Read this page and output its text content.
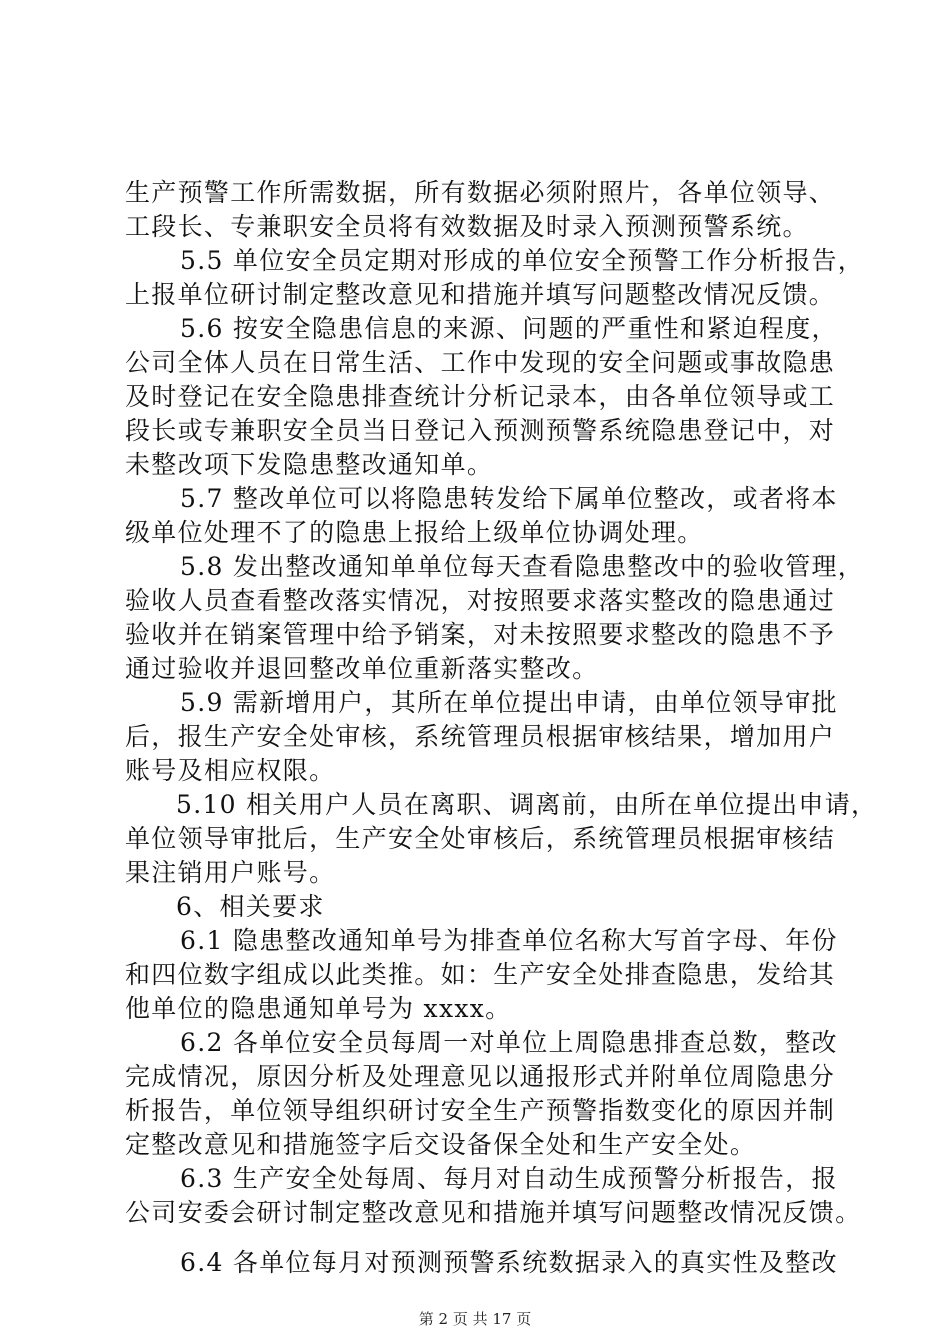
生产预警工作所需数据，所有数据必须附照片，各单位领导、
工段长、专兼职安全员将有效数据及时录入预测预警系统。
5.5 单位安全员定期对形成的单位安全预警工作分析报告，
上报单位研讨制定整改意见和措施并填写问题整改情况反馈。
5.6 按安全隐患信息的来源、问题的严重性和紧迫程度，
公司全体人员在日常生活、工作中发现的安全问题或事故隐患
及时登记在安全隐患排查统计分析记录本，由各单位领导或工
段长或专兼职安全员当日登记入预测预警系统隐患登记中，对
未整改项下发隐患整改通知单。
5.7 整改单位可以将隐患转发给下属单位整改，或者将本
级单位处理不了的隐患上报给上级单位协调处理。
5.8 发出整改通知单单位每天查看隐患整改中的验收管理，
验收人员查看整改落实情况，对按照要求落实整改的隐患通过
验收并在销案管理中给予销案，对未按照要求整改的隐患不予
通过验收并退回整改单位重新落实整改。
5.9 需新增用户，其所在单位提出申请，由单位领导审批
后，报生产安全处审核，系统管理员根据审核结果，增加用户
账号及相应权限。
5.10 相关用户人员在离职、调离前，由所在单位提出申请，
单位领导审批后，生产安全处审核后，系统管理员根据审核结
果注销用户账号。
6、相关要求
6.1 隐患整改通知单号为排查单位名称大写首字母、年份
和四位数字组成以此类推。如：生产安全处排查隐患，发给其
他单位的隐患通知单号为 xxxx。
6.2 各单位安全员每周一对单位上周隐患排查总数，整改
完成情况，原因分析及处理意见以通报形式并附单位周隐患分
析报告，单位领导组织研讨安全生产预警指数变化的原因并制
定整改意见和措施签字后交设备保全处和生产安全处。
6.3 生产安全处每周、每月对自动生成预警分析报告，报
公司安委会研讨制定整改意见和措施并填写问题整改情况反馈。
6.4 各单位每月对预测预警系统数据录入的真实性及整改
第 2 页 共 17 页
